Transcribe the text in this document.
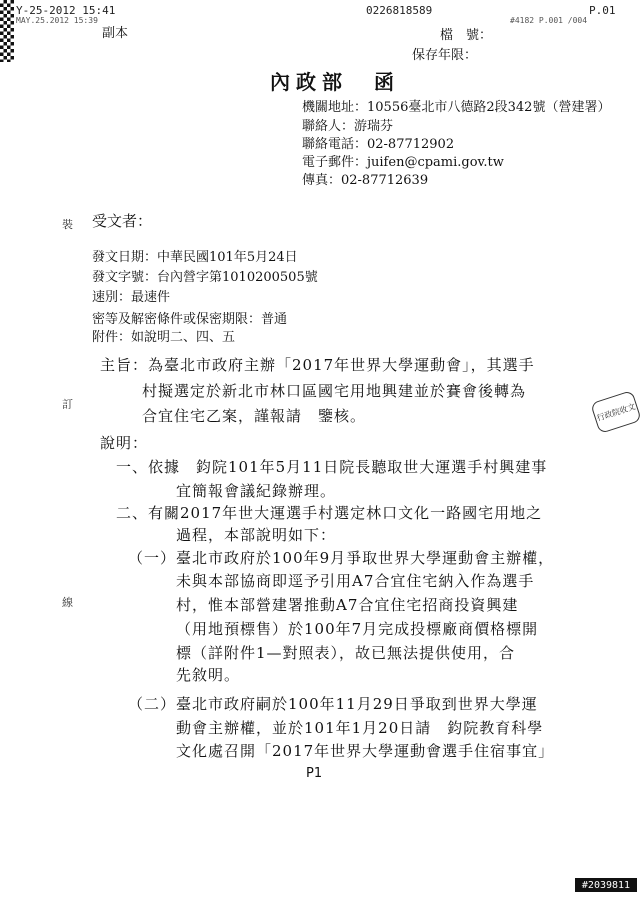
Y-25-2012 15:41
MAY.25.2012 15:39
0226818589	P.01
#4182 P.001 /004
副本	檔　號：
保存年限：
內政部　函
機關地址：10556臺北市八德路2段342號（營建署）
聯絡人：游瑞芬
聯絡電話：02-87712902
電子郵件：juifen@cpami.gov.tw
傳真：02-87712639
受文者：
發文日期：中華民國101年5月24日
發文字號：台內營字第1010200505號
速別：最速件
密等及解密條件或保密期限：普通
附件：如說明二、四、五
裝
訂
線
主旨：為臺北市政府主辦「2017年世界大學運動會」，其選手
村擬選定於新北市林口區國宅用地興建並於賽會後轉為
合宜住宅乙案，謹報請　鑒核。	行政院收文
說明：
一、依據　鈞院101年5月11日院長聽取世大運選手村興建事
宜簡報會議紀錄辦理。
二、有關2017年世大運選手村選定林口文化一路國宅用地之
過程，本部說明如下：
（一）臺北市政府於100年9月爭取世界大學運動會主辦權，
未與本部協商即逕予引用A7合宜住宅納入作為選手
村，惟本部營建署推動A7合宜住宅招商投資興建
（用地預標售）於100年7月完成投標廠商價格標開
標（詳附件1—對照表），故已無法提供使用，合
先敘明。
（二）臺北市政府嗣於100年11月29日爭取到世界大學運
動會主辦權，並於101年1月20日請　鈞院教育科學
文化處召開「2017年世界大學運動會選手住宿事宜」
P1
#2039811
